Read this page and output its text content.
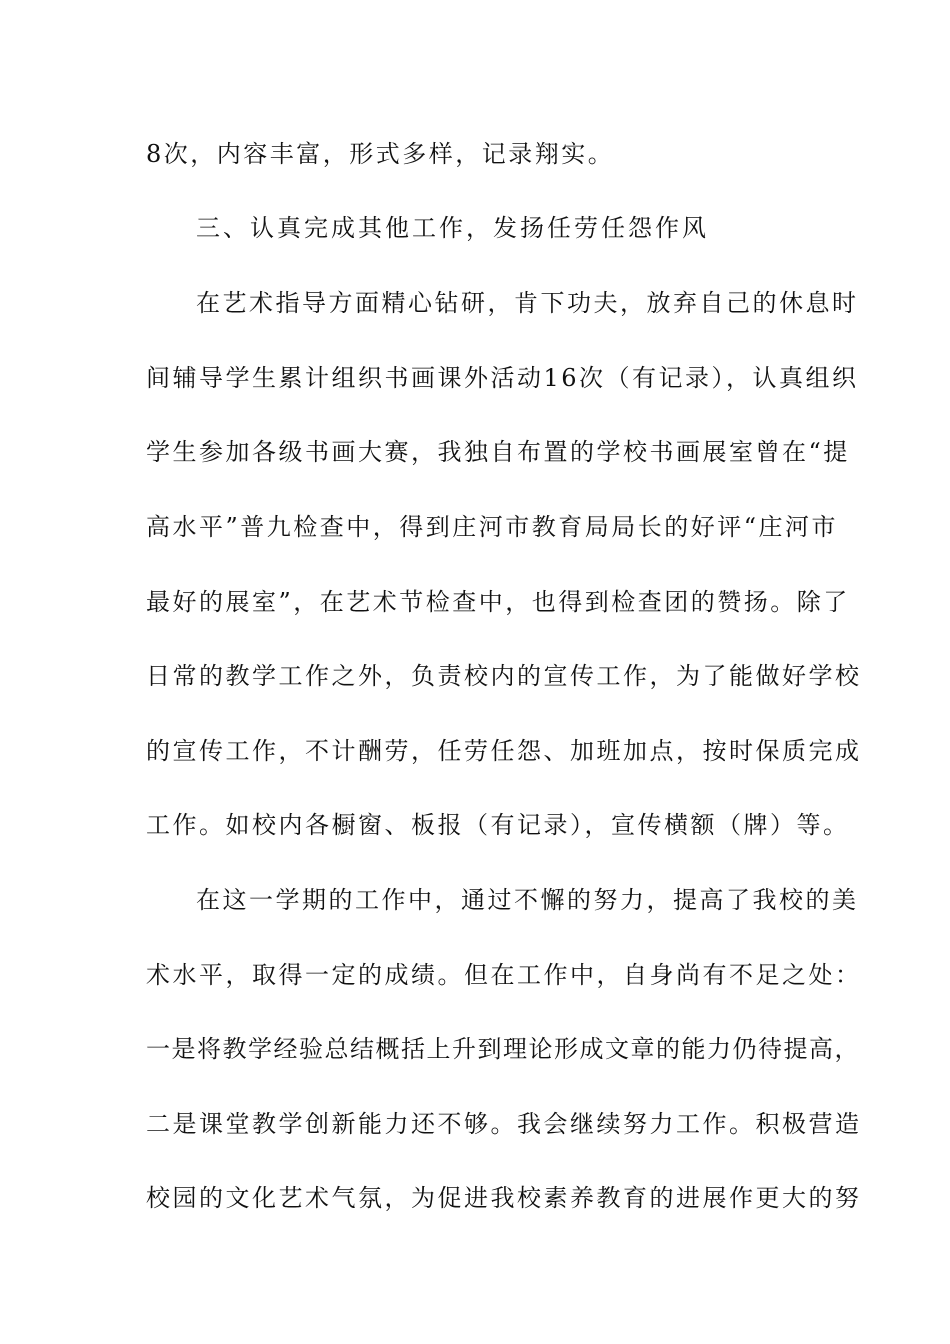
8次，内容丰富，形式多样，记录翔实。
三、认真完成其他工作，发扬任劳任怨作风
在艺术指导方面精心钻研，肯下功夫，放弃自己的休息时
间辅导学生累计组织书画课外活动16次（有记录），认真组织
学生参加各级书画大赛，我独自布置的学校书画展室曾在“提
高水平”普九检查中，得到庄河市教育局局长的好评“庄河市
最好的展室”，在艺术节检查中，也得到检查团的赞扬。除了
日常的教学工作之外，负责校内的宣传工作，为了能做好学校
的宣传工作，不计酬劳，任劳任怨、加班加点，按时保质完成
工作。如校内各橱窗、板报（有记录），宣传横额（牌）等。
在这一学期的工作中，通过不懈的努力，提高了我校的美
术水平，取得一定的成绩。但在工作中，自身尚有不足之处：
一是将教学经验总结概括上升到理论形成文章的能力仍待提高，
二是课堂教学创新能力还不够。我会继续努力工作。积极营造
校园的文化艺术气氛，为促进我校素养教育的进展作更大的努
